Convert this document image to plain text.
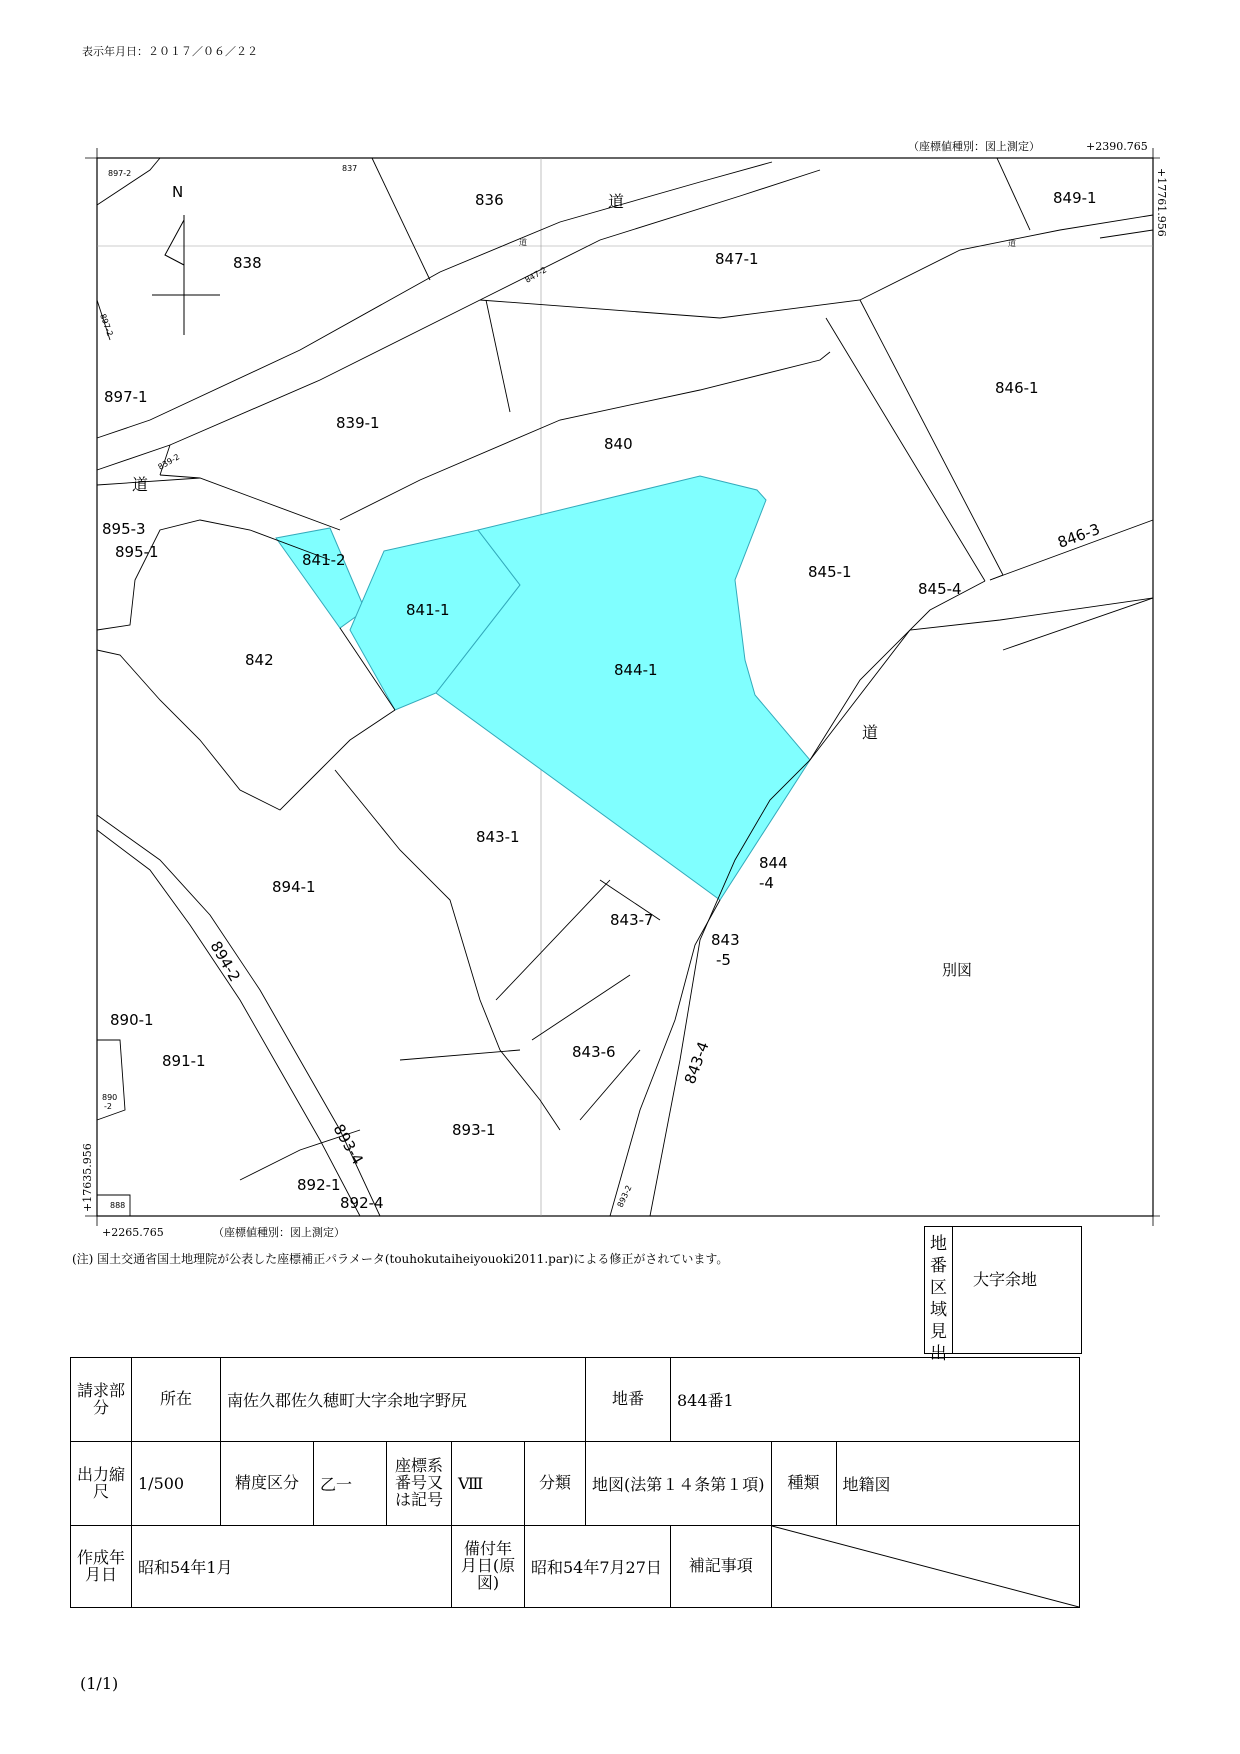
表示年月日：２０１７／０６／２２
N
897-2
837
836	849-1
838	847-1
897-2
846-1
897-1
839-1
840
839-2
895-3
895-1
846-3
841-2
841-1
845-1
845-4
842
844-1
843-1
844
-4
894-1
843-7
843
-5
894-2
890-1
891-1	843-6	843-4
890
-2
893-4	893-1
892-1
892-4
888	893-2
847-2
道
道
道
道	道
別図
（座標値種別：図上測定）	+2390.765
+17761.956
+17635.956
+2265.765	（座標値種別：図上測定）
(注) 国土交通省国土地理院が公表した座標補正パラメータ(touhokutaiheiyouoki2011.par)による修正がされています。
地番区域見出
大字余地
請求部分	所在	南佐久郡佐久穂町大字余地字野尻					地番	844番1		
出力縮尺	1/500	精度区分	乙一	座標系番号又は記号	Ⅷ	分類	地図(法第１４条第１項)		種類	地籍図
作成年月日	昭和54年1月				備付年月日(原図)	昭和54年7月27日		補記事項	
(1/1)
